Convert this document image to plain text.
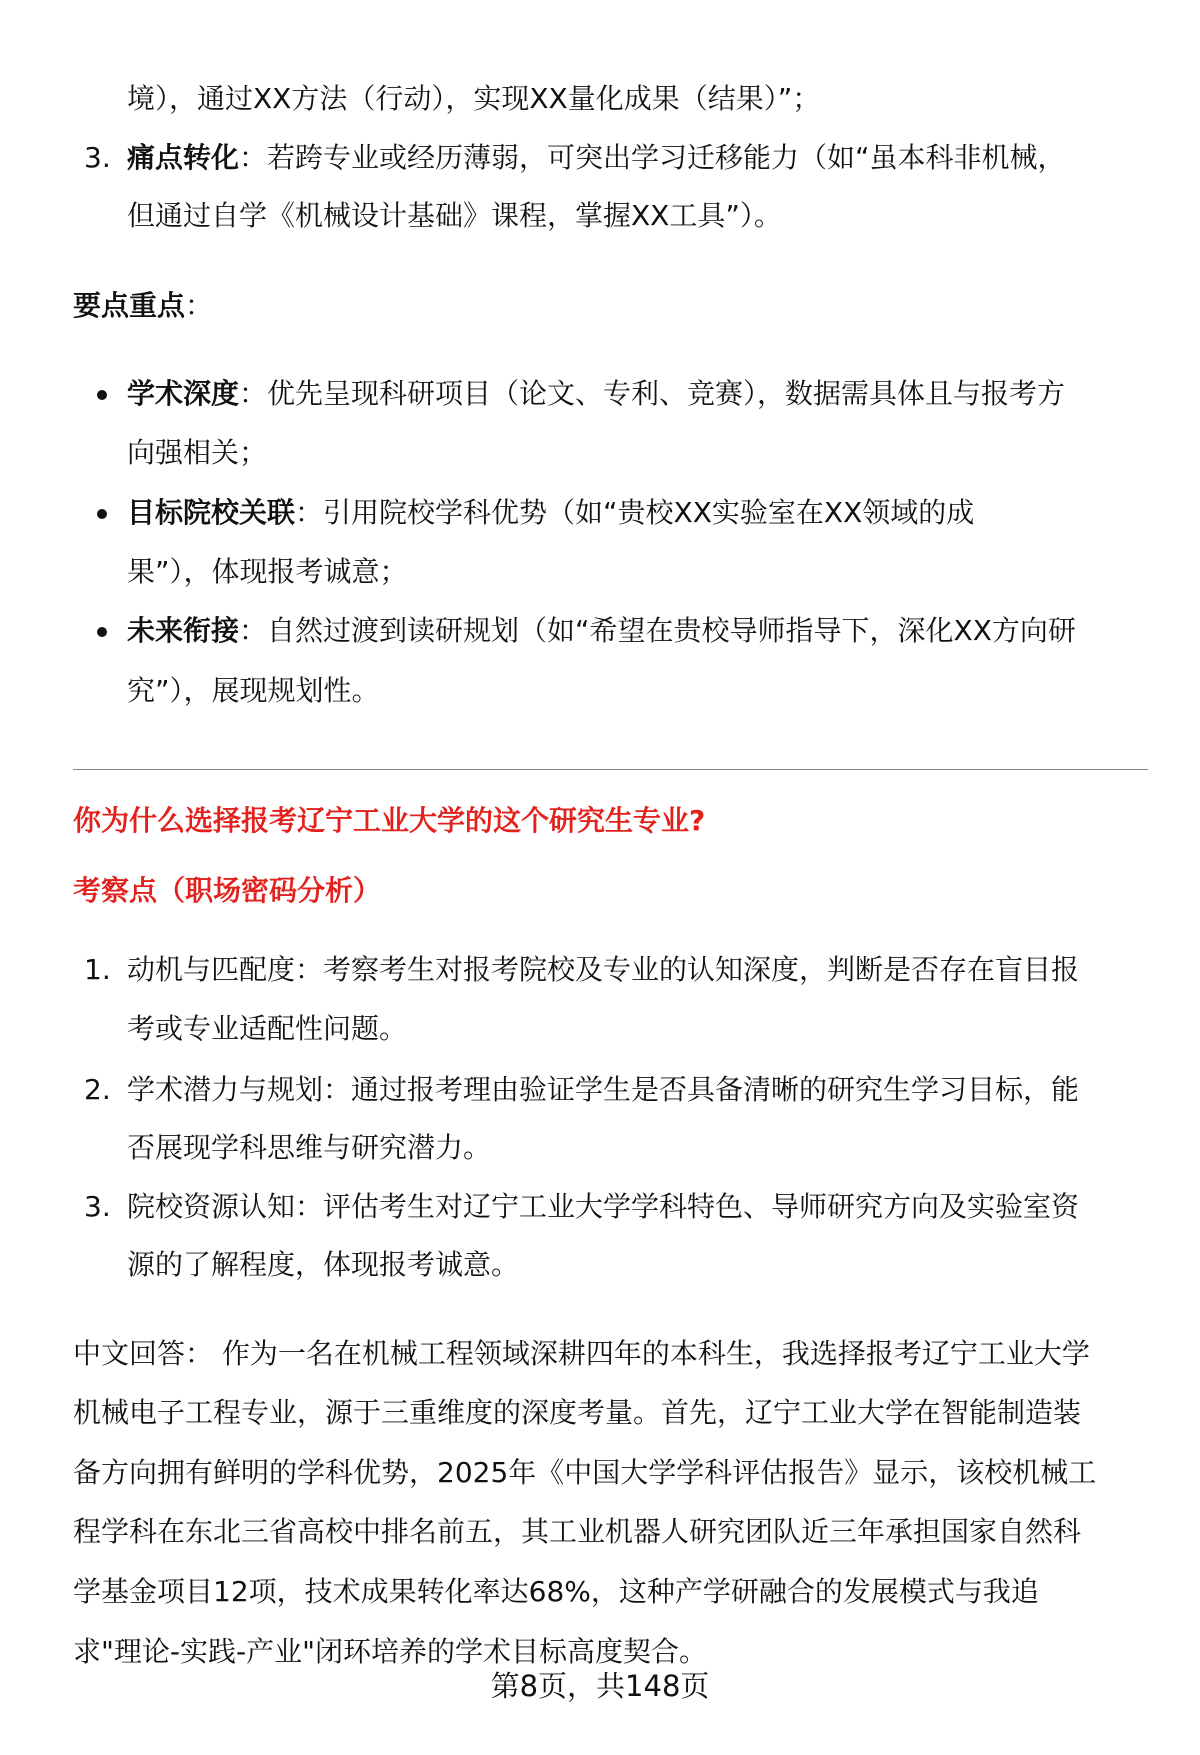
境），通过XX方法（行动），实现XX量化成果（结果）”；
3. 痛点转化：若跨专业或经历薄弱，可突出学习迁移能力（如“虽本科非机械，
但通过自学《机械设计基础》课程，掌握XX工具”）。
要点重点：
学术深度：优先呈现科研项目（论文、专利、竞赛），数据需具体且与报考方
向强相关；
目标院校关联：引用院校学科优势（如“贵校XX实验室在XX领域的成
果”），体现报考诚意；
未来衔接：自然过渡到读研规划（如“希望在贵校导师指导下，深化XX方向研
究”），展现规划性。
你为什么选择报考辽宁工业大学的这个研究生专业?
考察点（职场密码分析）
1. 动机与匹配度：考察考生对报考院校及专业的认知深度，判断是否存在盲目报
考或专业适配性问题。
2. 学术潜力与规划：通过报考理由验证学生是否具备清晰的研究生学习目标，能
否展现学科思维与研究潜力。
3. 院校资源认知：评估考生对辽宁工业大学学科特色、导师研究方向及实验室资
源的了解程度，体现报考诚意。
中文回答： 作为一名在机械工程领域深耕四年的本科生，我选择报考辽宁工业大学
机械电子工程专业，源于三重维度的深度考量。首先，辽宁工业大学在智能制造装
备方向拥有鲜明的学科优势，2025年《中国大学学科评估报告》显示，该校机械工
程学科在东北三省高校中排名前五，其工业机器人研究团队近三年承担国家自然科
学基金项目12项，技术成果转化率达68%，这种产学研融合的发展模式与我追
求"理论-实践-产业"闭环培养的学术目标高度契合。
第8页，共148页
